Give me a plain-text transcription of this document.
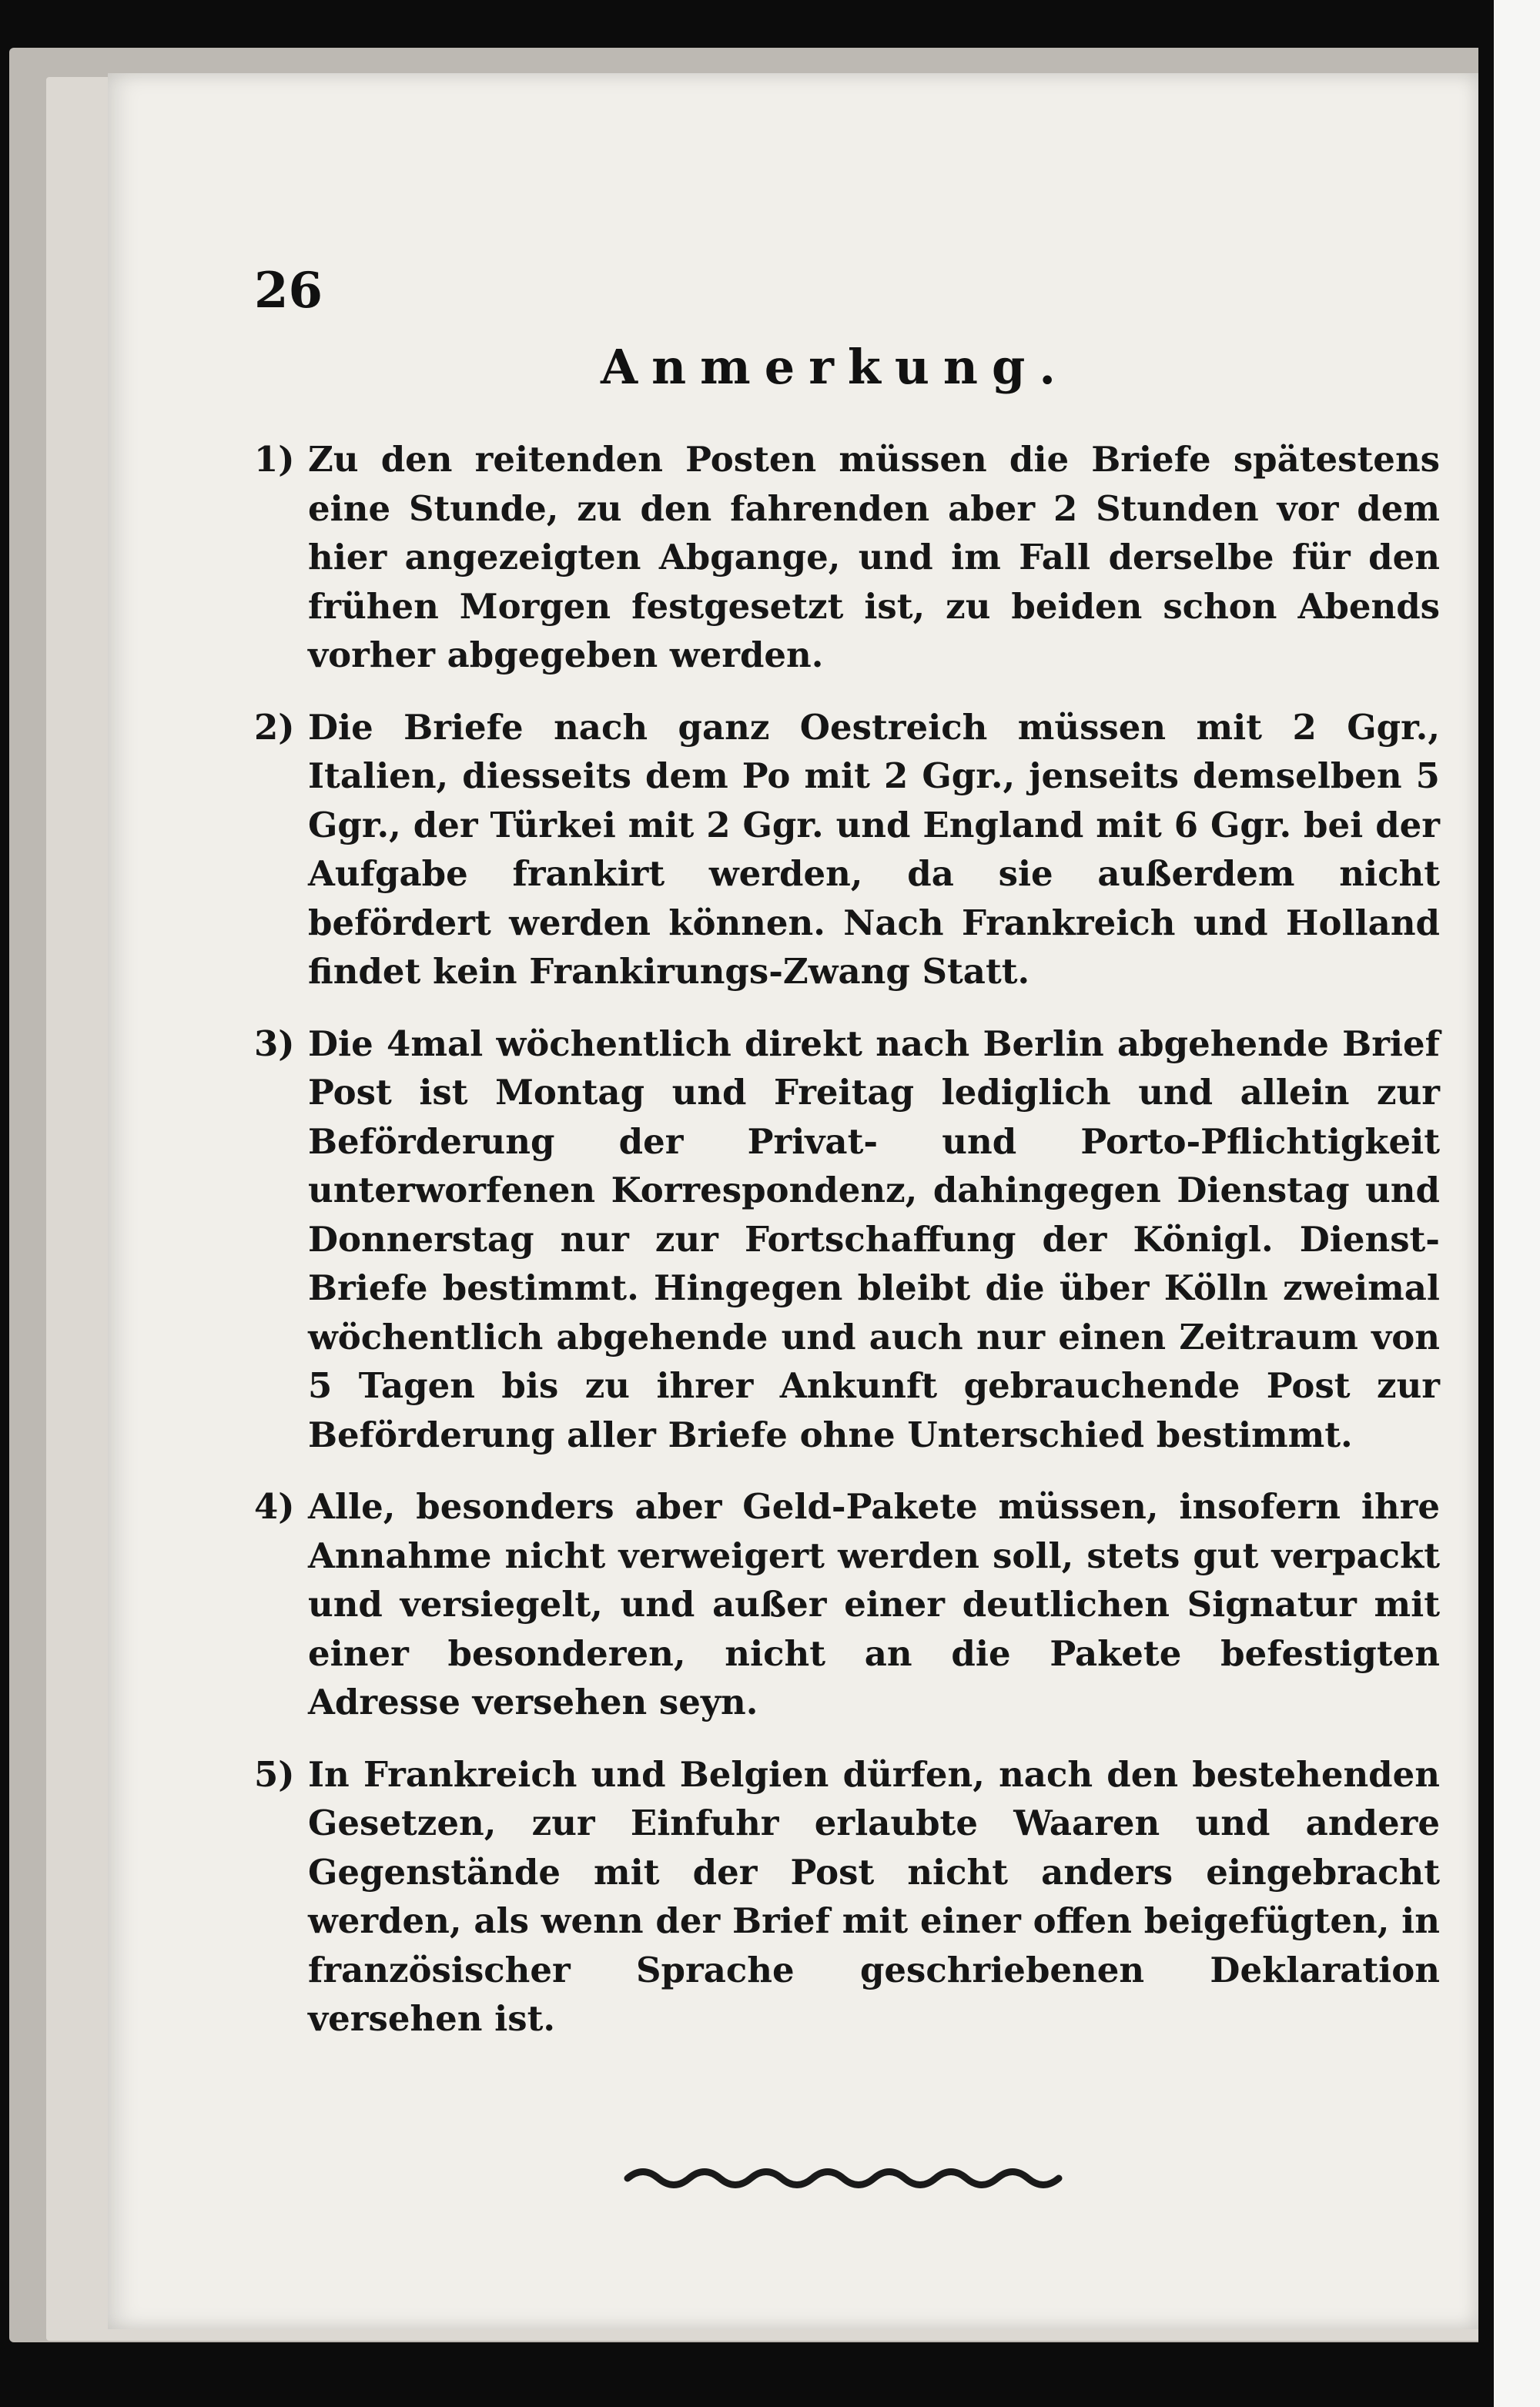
26
Anmerkung.
1) Zu den reitenden Posten müssen die Briefe spätestens eine Stunde, zu den fahrenden aber 2 Stunden vor dem hier angezeigten Abgange, und im Fall derselbe für den frühen Morgen festgesetzt ist, zu beiden schon Abends vorher abgegeben werden.
2) Die Briefe nach ganz Oestreich müssen mit 2 Ggr., Italien, diesseits dem Po mit 2 Ggr., jenseits demselben 5 Ggr., der Türkei mit 2 Ggr. und England mit 6 Ggr. bei der Aufgabe frankirt werden, da sie außerdem nicht befördert werden können. Nach Frankreich und Holland findet kein Frankirungs-Zwang Statt.
3) Die 4mal wöchentlich direkt nach Berlin abgehende Brief Post ist Montag und Freitag lediglich und allein zur Beförderung der Privat- und Porto-Pflichtigkeit unterworfenen Korrespondenz, dahingegen Dienstag und Donnerstag nur zur Fortschaffung der Königl. Dienst-Briefe bestimmt. Hingegen bleibt die über Kölln zweimal wöchentlich abgehende und auch nur einen Zeitraum von 5 Tagen bis zu ihrer Ankunft gebrauchende Post zur Beförderung aller Briefe ohne Unterschied bestimmt.
4) Alle, besonders aber Geld-Pakete müssen, insofern ihre Annahme nicht verweigert werden soll, stets gut verpackt und versiegelt, und außer einer deutlichen Signatur mit einer besonderen, nicht an die Pakete befestigten Adresse versehen seyn.
5) In Frankreich und Belgien dürfen, nach den bestehenden Gesetzen, zur Einfuhr erlaubte Waaren und andere Gegenstände mit der Post nicht anders eingebracht werden, als wenn der Brief mit einer offen beigefügten, in französischer Sprache geschriebenen Deklaration versehen ist.
